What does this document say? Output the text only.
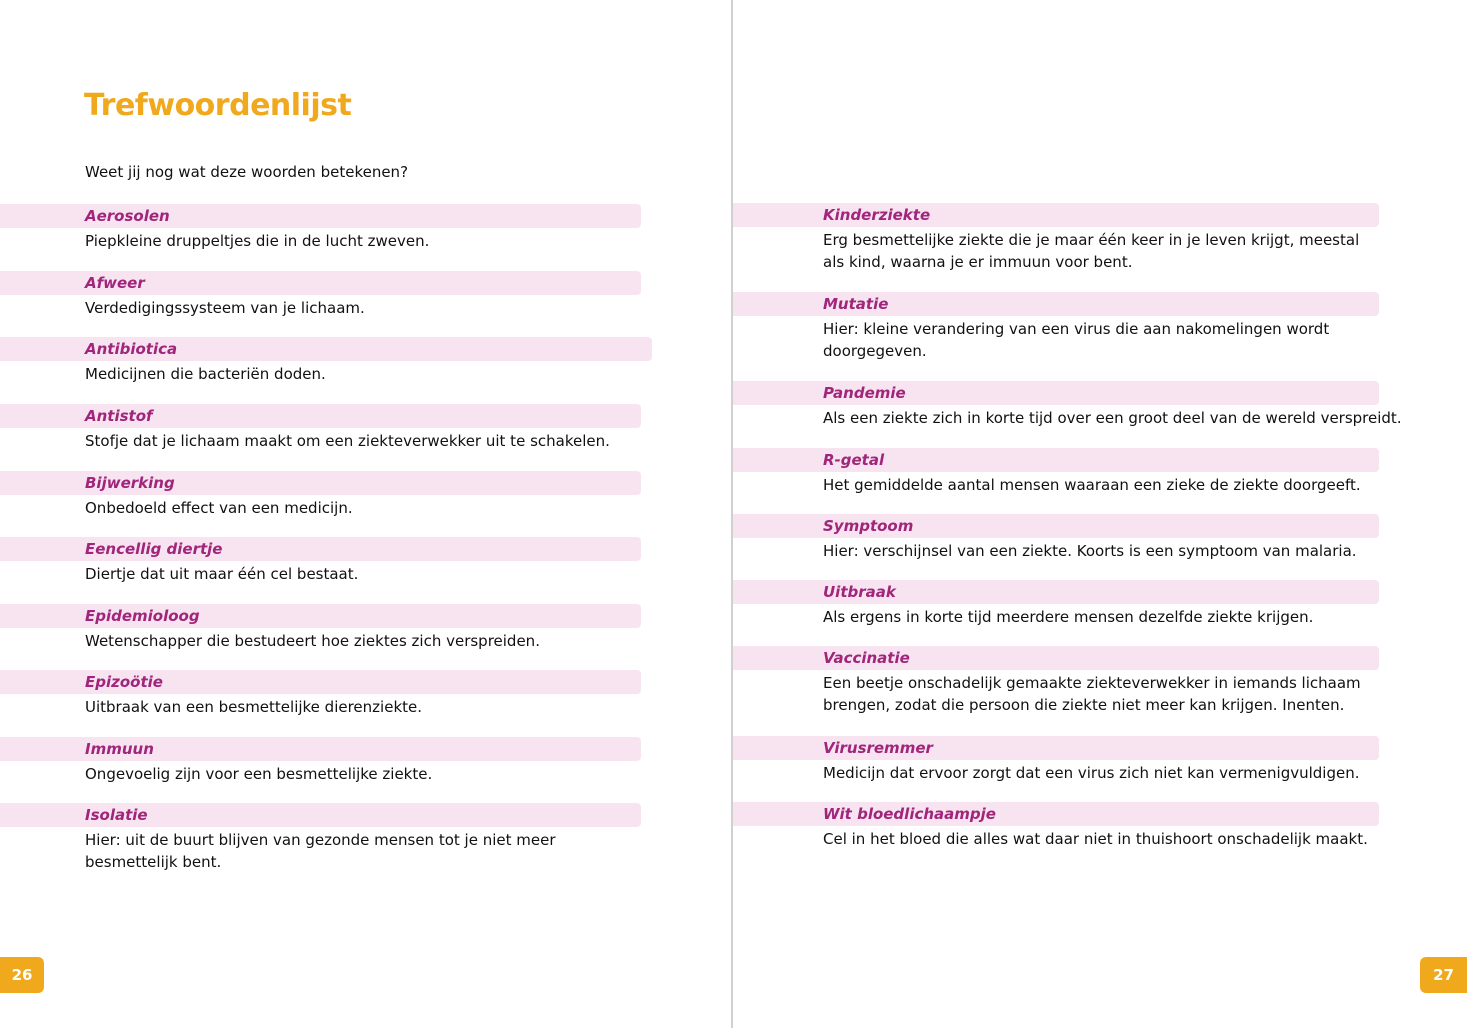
Trefwoordenlijst
Weet jij nog wat deze woorden betekenen?
Aerosolen
Piepkleine druppeltjes die in de lucht zweven.
Afweer
Verdedigingssysteem van je lichaam.
Antibiotica
Medicijnen die bacteriën doden.
Antistof
Stofje dat je lichaam maakt om een ziekteverwekker uit te schakelen.
Bijwerking
Onbedoeld effect van een medicijn.
Eencellig diertje
Diertje dat uit maar één cel bestaat.
Epidemioloog
Wetenschapper die bestudeert hoe ziektes zich verspreiden.
Epizoötie
Uitbraak van een besmettelijke dierenziekte.
Immuun
Ongevoelig zijn voor een besmettelijke ziekte.
Isolatie
Hier: uit de buurt blijven van gezonde mensen tot je niet meer besmettelijk bent.
Kinderziekte
Erg besmettelijke ziekte die je maar één keer in je leven krijgt, meestal als kind, waarna je er immuun voor bent.
Mutatie
Hier: kleine verandering van een virus die aan nakomelingen wordt doorgegeven.
Pandemie
Als een ziekte zich in korte tijd over een groot deel van de wereld verspreidt.
R-getal
Het gemiddelde aantal mensen waaraan een zieke de ziekte doorgeeft.
Symptoom
Hier: verschijnsel van een ziekte. Koorts is een symptoom van malaria.
Uitbraak
Als ergens in korte tijd meerdere mensen dezelfde ziekte krijgen.
Vaccinatie
Een beetje onschadelijk gemaakte ziekteverwekker in iemands lichaam brengen, zodat die persoon die ziekte niet meer kan krijgen. Inenten.
Virusremmer
Medicijn dat ervoor zorgt dat een virus zich niet kan vermenigvuldigen.
Wit bloedlichaampje
Cel in het bloed die alles wat daar niet in thuishoort onschadelijk maakt.
26	27
